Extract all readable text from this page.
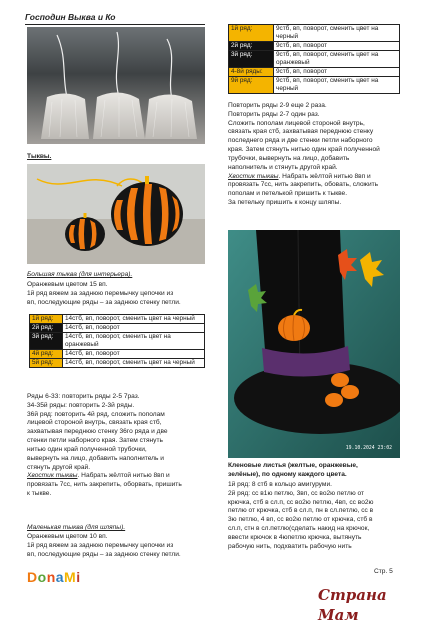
Господин Выква и Ко
Тыквы.
Большая тыква (для интерьера).
Оранжевым цветом 15 вп.
1й ряд вяжем за заднюю перемычку цепочки из
вп, последующие ряды – за заднюю стенку петли.
1й ряд:	14стб, вп, поворот, сменить цвет на черный
2й ряд:	14стб, вп, поворот
3й ряд:	14стб, вп, поворот, сменить цвет на оранжевый
4й ряд:	14стб, вп, поворот
5й ряд:	14стб, вп, поворот, сменить цвет на черный
Ряды 6-33: повторить ряды 2-5 7раз.
34-35й ряды: повторить 2-3й ряды.
36й ряд: повторить 4й ряд, сложить пополам
лицевой стороной внутрь, связать края стб,
захватывая переднюю стенку 36го ряда и две
стенки петли наборного края. Затем стянуть
нитью один край полученной трубочки,
вывернуть на лицо, добавить наполнитель и
стянуть другой край.
Хвостик тыквы. Набрать жёлтой нитью 8вп и
провязать 7сс, нить закрепить, оборвать, пришить
к тыкве.
Маленькая тыква (для шляпы).
Оранжевым цветом 10 вп.
1й ряд вяжем за заднюю перемычку цепочки из
вп, последующие ряды – за заднюю стенку петли.
1й ряд:	9стб, вп, поворот, сменить цвет на черный
2й ряд:	9стб, вп, поворот
3й ряд:	9стб, вп, поворот, сменить цвет на оранжевый
4-8й ряды:	9стб, вп, поворот
9й ряд:	9стб, вп, поворот, сменить цвет на черный
Повторить ряды 2-9 еще 2 раза.
Повторить ряды 2-7 один раз.
Сложить пополам лицевой стороной внутрь,
связать края стб, захватывая переднюю стенку
последнего ряда и две стенки петли наборного
края. Затем стянуть нитью один край полученной
трубочки, вывернуть на лицо, добавить
наполнитель и стянуть другой край.
Хвостик тыквы. Набрать жёлтой нитью 8вп и
провязать 7сс, нить закрепить, обовать, сложить
пополам и петелькой пришить к тыкве.
За петельку пришить к концу шляпы.
19.10.2024 23:02
Кленовые листья (желтые, оранжевые,
зелёные), по одному каждого цвета.
1й ряд: 8 стб в кольцо амигуруми.
2й ряд: сс в1ю петлю, 3вп, сс во2ю петлю от
крючка, стб в сл.п, сс во2ю петлю, 4вп, сс во2ю
петлю от крючка, стб в сл.п, пн в сл.петлю, сс в
3ю петлю, 4 вп, сс во2ю петлю от крючка, стб в
сл.п, стн в сл.петлю(сделать накид на крючок,
ввести крючок в 4юпетлю крючка, вытянуть
рабочую нить, подхватить рабочую нить
DonaMi	Стр. 5
Страна Мам
